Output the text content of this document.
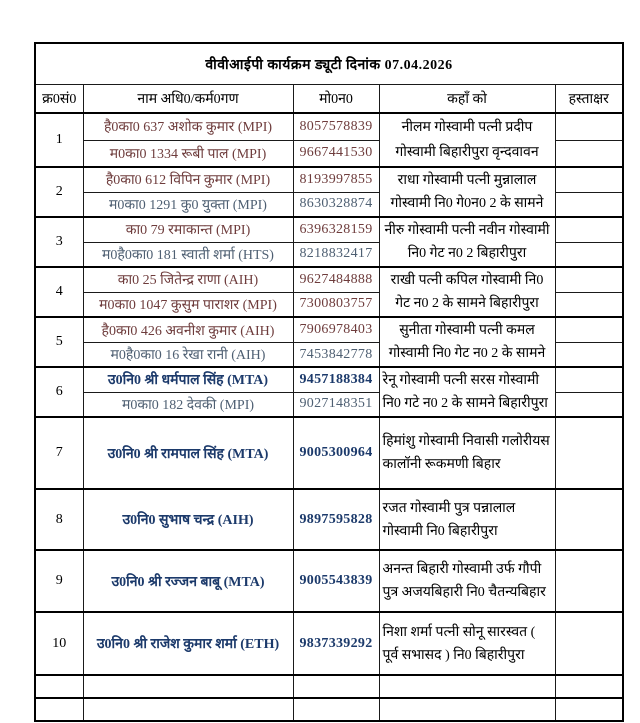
वीवीआईपी कार्यक्रम ड्यूटी दिनांक 07.04.2026				
क्र0सं0	नाम अधि0/कर्म0गण	मो0न0	कहाँ को	हस्ताक्षर
1	है0का0 637 अशोक कुमार (MPI)	8057578839	नीलम गोस्वामी पत्नी प्रदीप गोस्वामी बिहारीपुरा वृन्दवावन	
	म0का0 1334 रूबी पाल (MPI)	9667441530		
2	है0का0 612 विपिन कुमार (MPI)	8193997855	राधा गोस्वामी पत्नी मुन्नालाल गोस्वामी नि0 गे0न0 2 के सामने	
	म0का0 1291 कु0 युक्ता (MPI)	8630328874		
3	का0 79 रमाकान्त (MPI)	6396328159	नीरु गोस्वामी पत्नी नवीन गोस्वामी नि0 गेट न0 2 बिहारीपुरा	
	म0है0का0 181 स्वाती शर्मा (HTS)	8218832417		
4	का0 25 जितेन्द्र राणा (AIH)	9627484888	राखी पत्नी कपिल गोस्वामी नि0 गेट न0 2 के सामने बिहारीपुरा	
	म0का0 1047 कुसुम पाराशर (MPI)	7300803757		
5	है0का0 426 अवनीश कुमार (AIH)	7906978403	सुनीता गोस्वामी पत्नी कमल गोस्वामी नि0 गेट न0 2 के सामने	
	म0है0का0 16 रेखा रानी (AIH)	7453842778		
6	उ0नि0 श्री धर्मपाल सिंह (MTA)	9457188384	रेनू गोस्वामी पत्नी सरस गोस्वामी नि0 गटे न0 2 के सामने बिहारीपुरा	
	म0का0 182 देवकी (MPI)	9027148351		
7	उ0नि0 श्री रामपाल सिंह (MTA)	9005300964	हिमांशु गोस्वामी निवासी गलोरीयस कालॉनी रूकमणी बिहार	
8	उ0नि0 सुभाष चन्द्र (AIH)	9897595828	रजत गोस्वामी पुत्र पन्नालाल गोस्वामी नि0 बिहारीपुरा	
9	उ0नि0 श्री रज्जन बाबू (MTA)	9005543839	अनन्त बिहारी गोस्वामी उर्फ गौपी पुत्र अजयबिहारी नि0 चैतन्यबिहार	
10	उ0नि0 श्री राजेश कुमार शर्मा (ETH)	9837339292	निशा शर्मा पत्नी सोनू सारस्वत ( पूर्व सभासद ) नि0 बिहारीपुरा	
